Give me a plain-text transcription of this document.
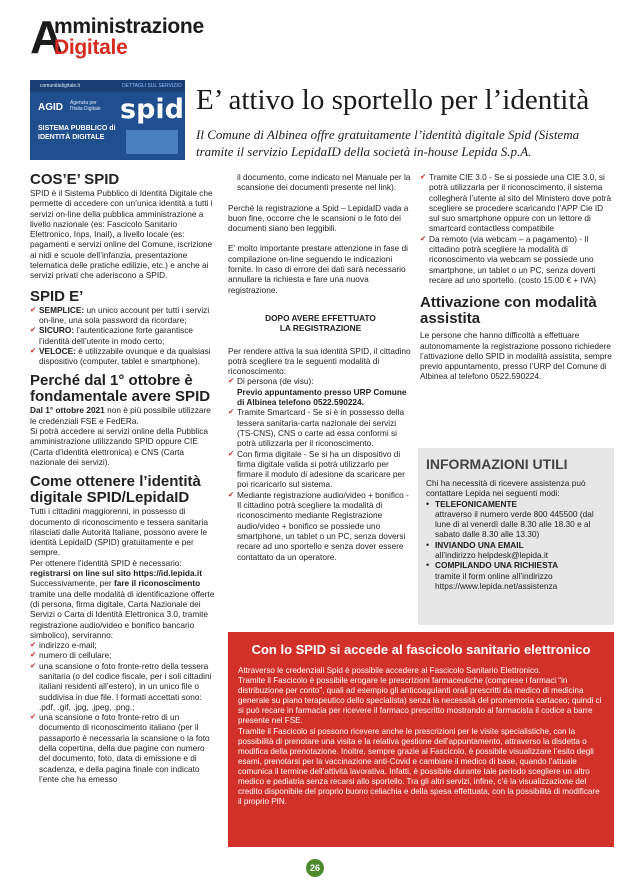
A
mministrazione
Digitale
comunitàdigitale.it	DETTAGLI SUL SERVIZIO
AGID Agenzia per l'Italia Digitale spid
SISTEMA PUBBLICO di IDENTITÀ DIGITALE
E’ attivo lo sportello per l’identità
Il Comune di Albinea offre gratuitamente l’identità digitale Spid (Sistema tramite il servizio LepidaID della società in-house Lepida S.p.A.
COS’E’ SPID
SPID è il Sistema Pubblico di Identità Digitale che permette di accedere con un’unica identità a tutti i servizi on-line della pubblica amministrazione a livello nazionale (es: Fascicolo Sanitario Elettronico, Inps, Inail), a livello locale (es: pagamenti e servizi online del Comune, iscrizione ai nidi e scuole dell’infanzia, presentazione telematica delle pratiche edilizie, etc.) e anche ai servizi privati che aderiscono a SPID.
SPID E’
✔ SEMPLICE: un unico account per tutti i servizi on-line, una sola password da ricordare;
✔ SICURO: l’autenticazione forte garantisce l’identità dell’utente in modo certo;
✔ VELOCE: è utilizzabile ovunque e da qualsiasi dispositivo (computer, tablet e smartphone).
Perché dal 1° ottobre è fondamentale avere SPID
Dal 1° ottobre 2021 non è più possibile utilizzare le credenziali FSE e FedERa.
Si potrà accedere ai servizi online della Pubblica amministrazione utilizzando SPID oppure CIE (Carta d’identità elettronica) e CNS (Carta nazionale dei servizi).
Come ottenere l’identità digitale SPID/LepidaID
Tutti i cittadini maggiorenni, in possesso di documento di riconoscimento e tessera sanitaria rilasciati dalle Autorità Italiane, possono avere le identità LepidaID (SPID) gratuitamente e per sempre.
Per ottenere l’identità SPID è necessario: registrarsi on line sul sito https://id.lepida.it
Successivamente, per fare il riconoscimento tramite una delle modalità di identificazione offerte (di persona, firma digitale, Carta Nazionale dei Servizi o Carta di Identità Elettronica 3.0, tramite registrazione audio/video e bonifico bancario simbolico), serviranno:
✔ indirizzo e-mail;
✔ numero di cellulare;
✔ una scansione o foto fronte-retro della tessera sanitaria (o del codice fiscale, per i soli cittadini italiani residenti all’estero), in un unico file o suddivisa in due file. I formati accettati sono: .pdf, .gif, .jpg, .jpeg, .png.;
✔ una scansione o foto fronte-retro di un documento di riconoscimento italiano (per il passaporto è necessaria la scansione o la foto della copertina, della due pagine con numero del documento, foto, data di emissione e di scadenza, e della pagina finale con indicato l’ente che ha emesso
il documento, come indicato nel Manuale per la scansione dei documenti presente nel link).
Perché la registrazione a Spid – LepidaID vada a buon fine, occorre che le scansioni o le foto dei documenti siano ben leggibili.
E’ molto importante prestare attenzione in fase di compilazione on-line seguendo le indicazioni fornite. In caso di errore dei dati sarà necessario annullare la richiesta e fare una nuova registrazione.
DOPO AVERE EFFETTUATO
LA REGISTRAZIONE
Per rendere attiva la sua identità SPID, il cittadino potrà scegliere tra le seguenti modalità di riconoscimento:
✔ Di persona (de visu):
Previo appuntamento presso URP Comune di Albinea telefono 0522.590224.
✔ Tramite Smartcard - Se si è in possesso della tessera sanitaria-carta nazionale dei servizi (TS-CNS), CNS o carte ad essa conformi si potrà utilizzarla per il riconoscimento.
✔ Con firma digitale - Se si ha un dispositivo di firma digitale valida si potrà utilizzarlo per firmare il modulo di adesione da scaricare per poi ricaricarlo sul sistema.
✔ Mediante registrazione audio/video + bonifico - Il cittadino potrà scegliere la modalità di riconoscimento mediante Registrazione audio/video + bonifico se possiede uno smartphone, un tablet o un PC, senza doversi recare ad uno sportello e senza dover essere contattato da un operatore.
✔ Tramite CIE 3.0 - Se si possiede una CIE 3.0, si potrà utilizzarla per il riconoscimento, il sistema collegherà l’utente al sito del Ministero dove potrà scegliere se procedere scaricando l’APP Cie ID sul suo smartphone oppure con un lettore di smartcard contactless compatibile
✔ Da remoto (via webcam – a pagamento) - Il cittadino potrà scegliere la modalità di riconoscimento via webcam se possiede uno smartphone, un tablet o un PC, senza doverti recare ad uno sportello. (costo 15.00 € + IVA)
Attivazione con modalità assistita
Le persone che hanno difficoltà a effettuare autonomamente la registrazione possono richiedere l’attivazione dello SPID in modalità assistita, sempre previo appuntamento, presso l’URP del Comune di Albinea al telefono 0522.590224.
INFORMAZIONI UTILI
Chi ha necessità di ricevere assistenza può contattare Lepida nei seguenti modi:
• TELEFONICAMENTE
attraverso il numero verde 800 445500 (dal lune di al venerdì dalle 8.30 alle 18.30 e al sabato dalle 8.30 alle 13.30)
• INVIANDO UNA EMAIL
all’indirizzo helpdesk@lepida.it
• COMPILANDO UNA RICHIESTA
tramite il form online all’indirizzo https://www.lepida.net/assistenza
Con lo SPID si accede al fascicolo sanitario elettronico
Attraverso le credenziali Spid è possibile accedere al Fascicolo Sanitario Elettronico.
Tramite il Fascicolo è possibile erogare le prescrizioni farmaceutiche (comprese i farmaci “in distribuzione per conto”, quali ad esempio gli anticoagulanti orali prescritti da medico di medicina generale su piano terapeutico dello specialista) senza la necessità del promemoria cartaceo; quindi ci si può recare in farmacia per ricevere il farmaco prescritto mostrando al farmacista il codice a barre presente nel FSE.
Tramite il Fascicolo si possono ricevere anche le prescrizioni per le visite specialistiche, con la possibilità di prenotare una visita e la relativa gestione dell’appuntamento, attraverso la disdetta o modifica della prenotazione. Inoltre, sempre grazie al Fascicolo, è possibile visualizzare l’esito degli esami, prenotarsi per la vaccinazione anti-Covid e cambiare il medico di base, quando l’attuale comunica il termine dell’attività lavorativa. Infatti, è possibile durante tale periodo scegliere un altro medico e pediatria senza recarsi allo sportello. Tra gli altri servizi, infine, c’è la visualizzazione del credito disponibile del proprio buono celiachia e della spesa effettuata, con la possibilità di modificare il proprio PIN.
26
